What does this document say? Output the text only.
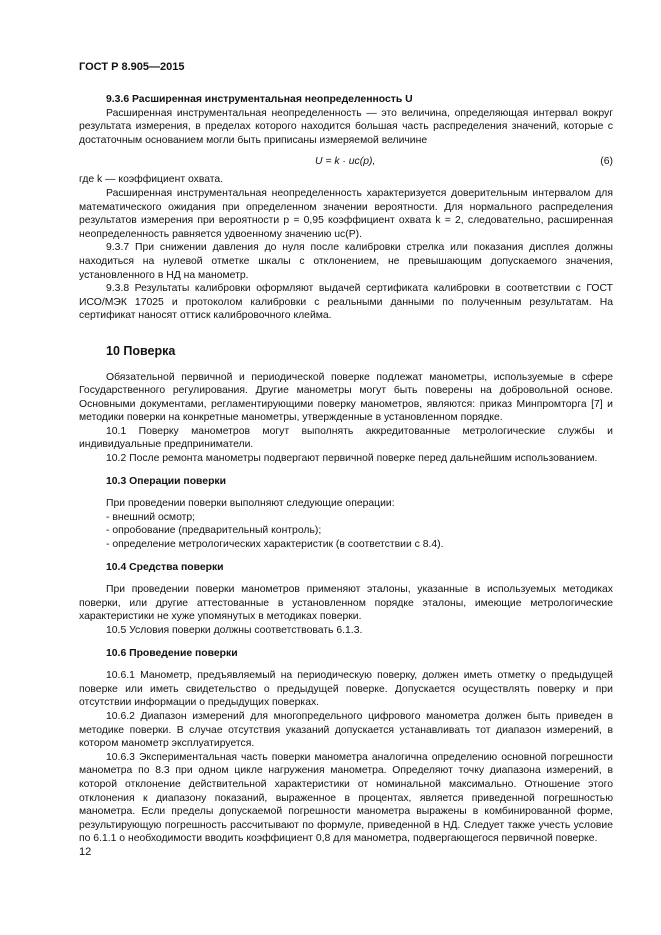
ГОСТ Р 8.905—2015

9.3.6 Расширенная инструментальная неопределенность U

Расширенная инструментальная неопределенность — это величина, определяющая интервал вокруг результата измерения, в пределах которого находится большая часть распределения значений, которые с достаточным основанием могли быть приписаны измеряемой величине

U = k · uc(p),	(6)

где k — коэффициент охвата.

Расширенная инструментальная неопределенность характеризуется доверительным интервалом для математического ожидания при определенном значении вероятности. Для нормального распределения результатов измерения при вероятности p = 0,95 коэффициент охвата k = 2, следовательно, расширенная неопределенность равняется удвоенному значению uc(P).

9.3.7 При снижении давления до нуля после калибровки стрелка или показания дисплея должны находиться на нулевой отметке шкалы с отклонением, не превышающим допускаемого значения, установленного в НД на манометр.

9.3.8 Результаты калибровки оформляют выдачей сертификата калибровки в соответствии с ГОСТ ИСО/МЭК 17025 и протоколом калибровки с реальными данными по полученным результатам. На сертификат наносят оттиск калибровочного клейма.

10 Поверка

Обязательной первичной и периодической поверке подлежат манометры, используемые в сфере Государственного регулирования. Другие манометры могут быть поверены на добровольной основе. Основными документами, регламентирующими поверку манометров, являются: приказ Минпромторга [7] и методики поверки на конкретные манометры, утвержденные в установленном порядке.

10.1 Поверку манометров могут выполнять аккредитованные метрологические службы и индивидуальные предприниматели.

10.2 После ремонта манометры подвергают первичной поверке перед дальнейшим использованием.

10.3 Операции поверки

При проведении поверки выполняют следующие операции:

- внешний осмотр;

- опробование (предварительный контроль);

- определение метрологических характеристик (в соответствии с 8.4).

10.4 Средства поверки

При проведении поверки манометров применяют эталоны, указанные в используемых методиках поверки, или другие аттестованные в установленном порядке эталоны, имеющие метрологические характеристики не хуже упомянутых в методиках поверки.

10.5 Условия поверки должны соответствовать 6.1.3.

10.6 Проведение поверки

10.6.1 Манометр, предъявляемый на периодическую поверку, должен иметь отметку о предыдущей поверке или иметь свидетельство о предыдущей поверке. Допускается осуществлять поверку и при отсутствии информации о предыдущих поверках.

10.6.2 Диапазон измерений для многопредельного цифрового манометра должен быть приведен в методике поверки. В случае отсутствия указаний допускается устанавливать тот диапазон измерений, в котором манометр эксплуатируется.

10.6.3 Экспериментальная часть поверки манометра аналогична определению основной погрешности манометра по 8.3 при одном цикле нагружения манометра. Определяют точку диапазона измерений, в которой отклонение действительной характеристики от номинальной максимально. Отношение этого отклонения к диапазону показаний, выраженное в процентах, является приведенной погрешностью манометра. Если пределы допускаемой погрешности манометра выражены в комбинированной форме, результирующую погрешность рассчитывают по формуле, приведенной в НД. Следует также учесть условие по 6.1.1 о необходимости вводить коэффициент 0,8 для манометра, подвергающегося первичной поверке.

12
